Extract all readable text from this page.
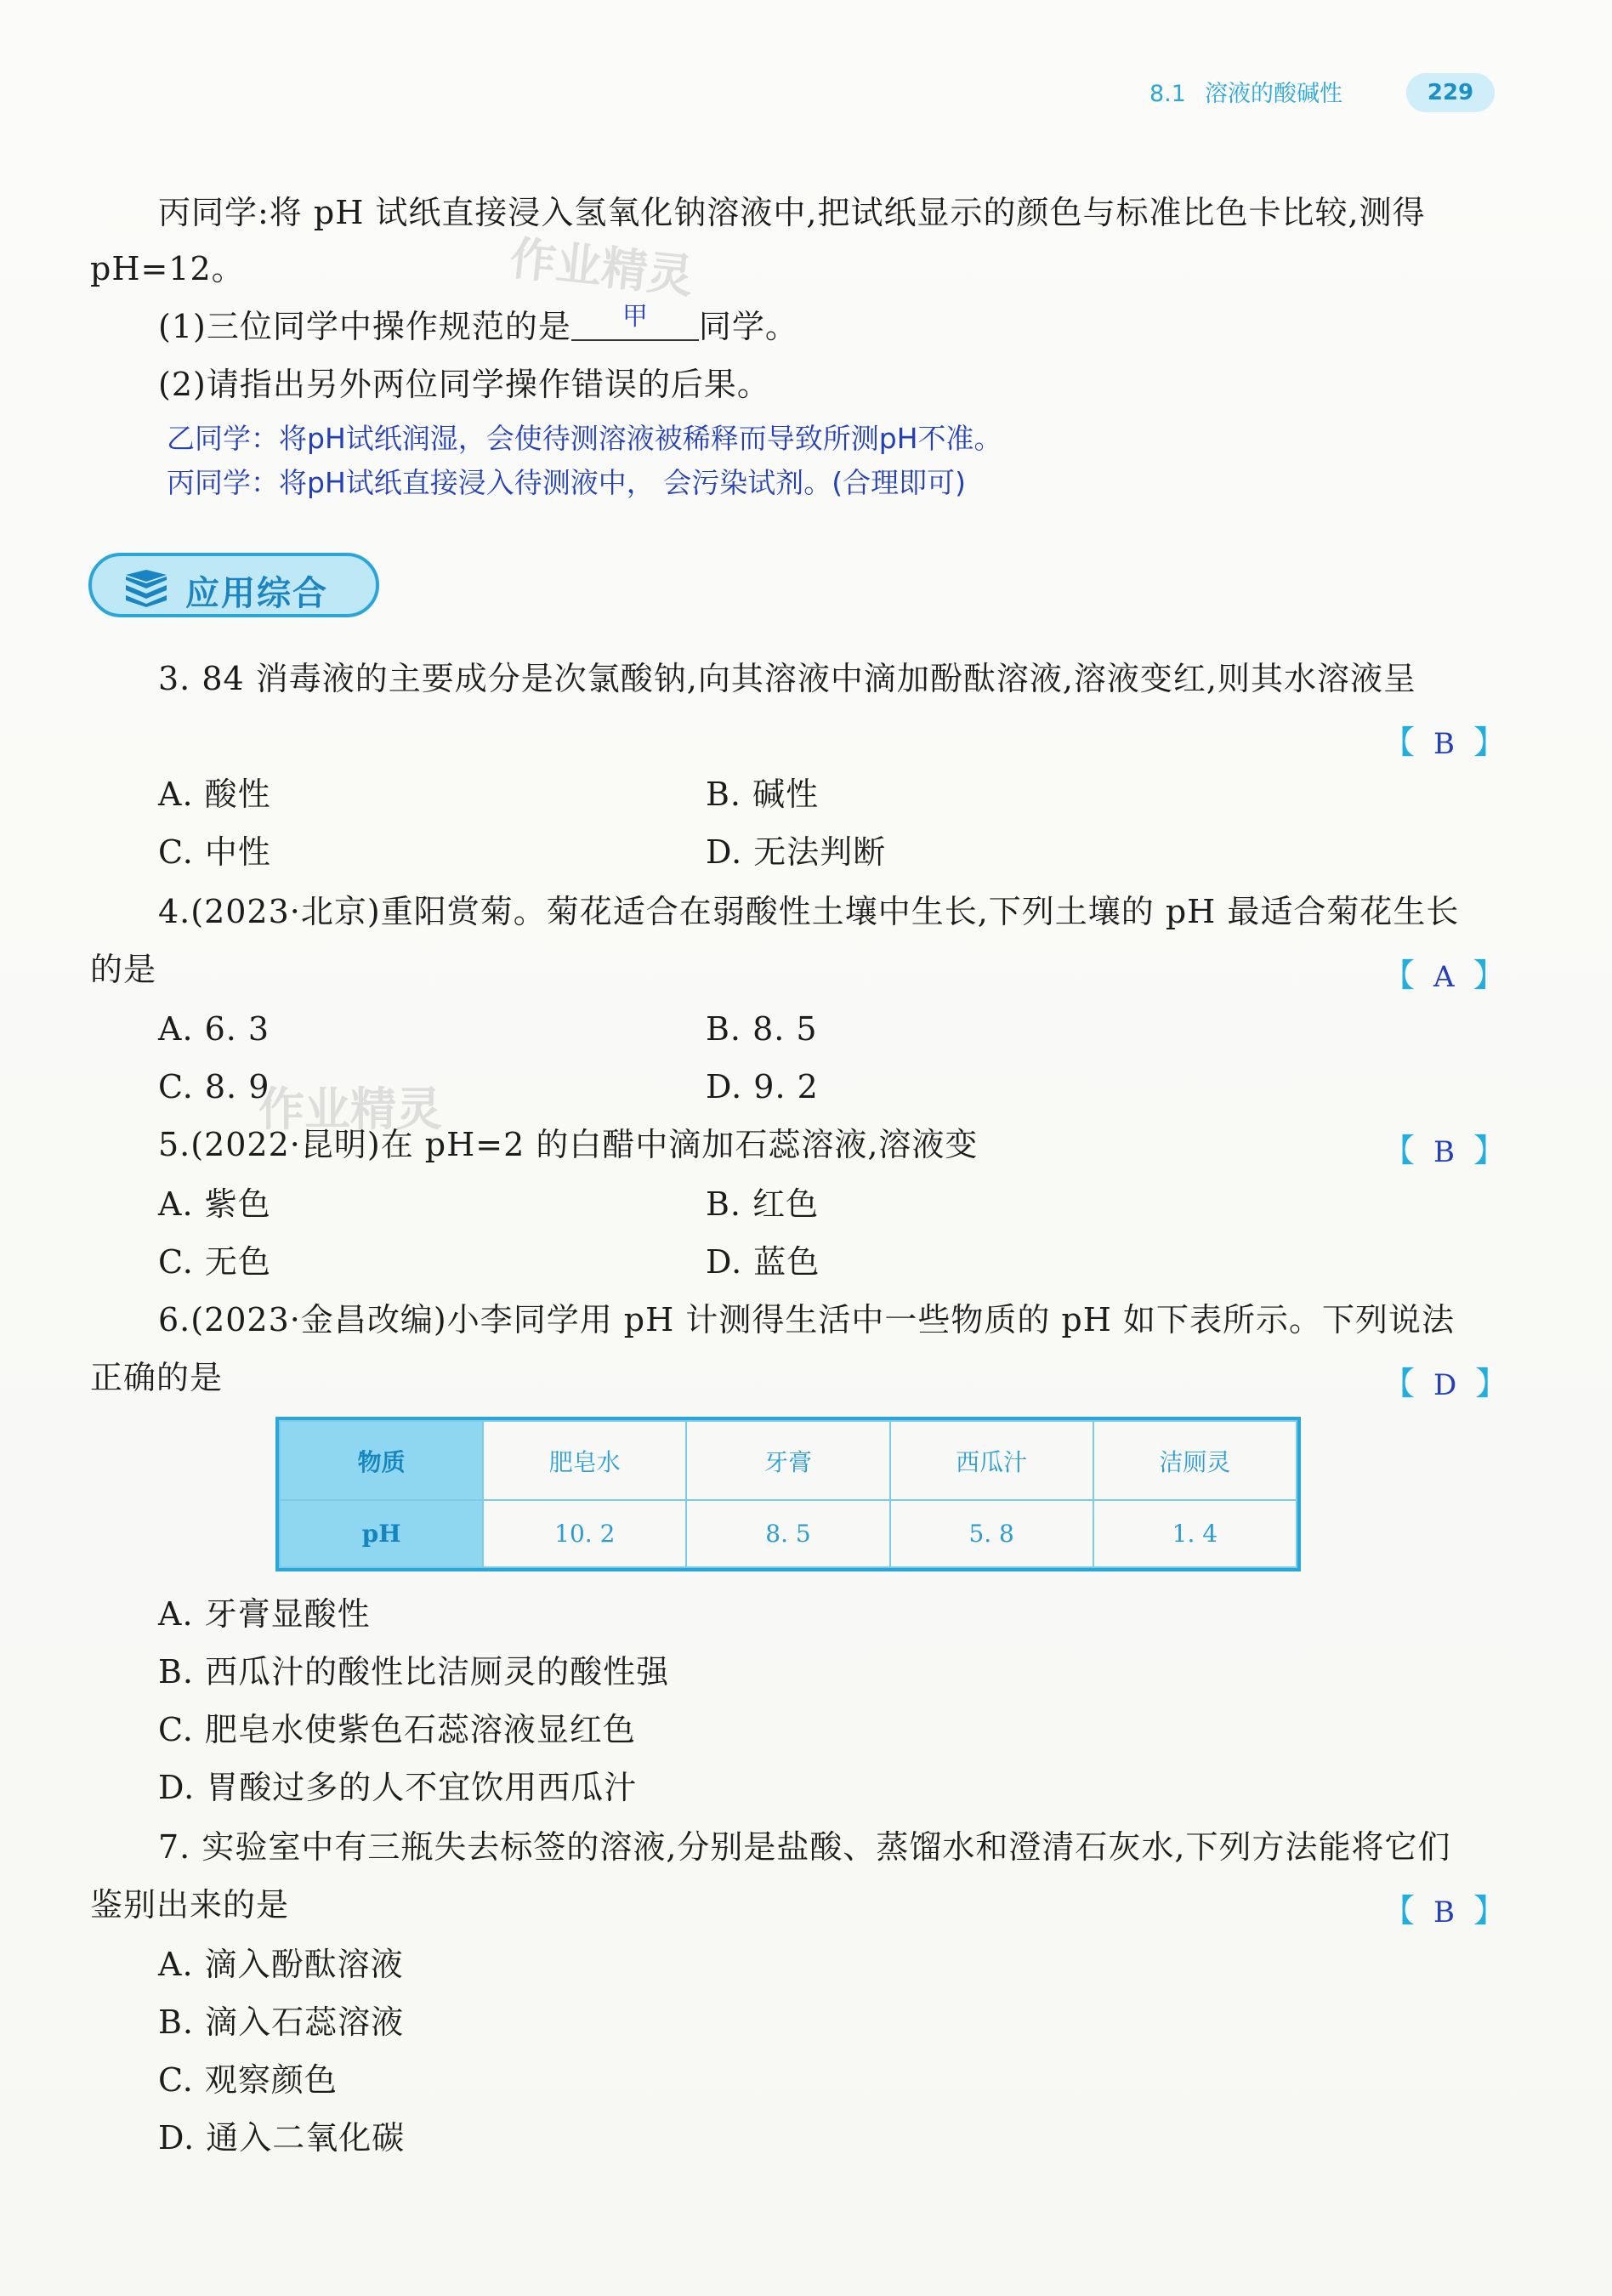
8.1 溶液的酸碱性	229
作业精灵
作业精灵
丙同学:将 pH 试纸直接浸入氢氧化钠溶液中,把试纸显示的颜色与标准比色卡比较,测得
pH=12。
(1)三位同学中操作规范的是 甲 同学。
(2)请指出另外两位同学操作错误的后果。
乙同学：将pH试纸润湿，会使待测溶液被稀释而导致所测pH不准。
丙同学：将pH试纸直接浸入待测液中， 会污染试剂。(合理即可)
应用综合
3. 84 消毒液的主要成分是次氯酸钠,向其溶液中滴加酚酞溶液,溶液变红,则其水溶液呈
【 B 】
A. 酸性	B. 碱性
C. 中性	D. 无法判断
4.(2023·北京)重阳赏菊。菊花适合在弱酸性土壤中生长,下列土壤的 pH 最适合菊花生长
的是	【 A 】
A. 6. 3	B. 8. 5
C. 8. 9	D. 9. 2
5.(2022·昆明)在 pH=2 的白醋中滴加石蕊溶液,溶液变	【 B 】
A. 紫色	B. 红色
C. 无色	D. 蓝色
6.(2023·金昌改编)小李同学用 pH 计测得生活中一些物质的 pH 如下表所示。下列说法
正确的是	【 D 】
物质	肥皂水	牙膏	西瓜汁	洁厕灵
pH	10. 2	8. 5	5. 8	1. 4
A. 牙膏显酸性
B. 西瓜汁的酸性比洁厕灵的酸性强
C. 肥皂水使紫色石蕊溶液显红色
D. 胃酸过多的人不宜饮用西瓜汁
7. 实验室中有三瓶失去标签的溶液,分别是盐酸、蒸馏水和澄清石灰水,下列方法能将它们
鉴别出来的是	【 B 】
A. 滴入酚酞溶液
B. 滴入石蕊溶液
C. 观察颜色
D. 通入二氧化碳
